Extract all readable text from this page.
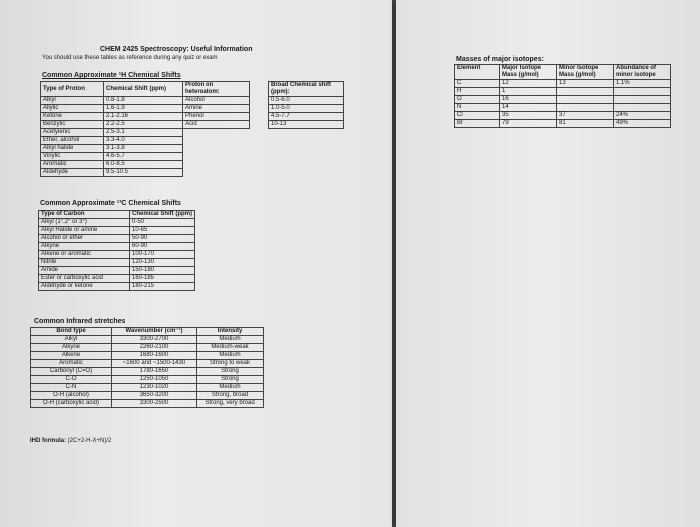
CHEM 2425 Spectroscopy: Useful Information
You should use these tables as reference during any quiz or exam
Common Approximate ¹H Chemical Shifts
Type of Proton	Chemical Shift (ppm)	Proton on heteroatom:		Broad Chemical shift (ppm):
Alkyl	0.8-1.8	Alcohol		0.5-6.0
Allylic	1.6-1.9	Amine		1.0-5.0
Ketone	2.1-2.16	Phenol		4.5-7.7
Benzylic	2.2-2.5	Acid		10-13
Acetylenic	2.5-3.1			
Ether, alcohol	3.3-4.0			
Alkyl halide	3.1-3.8			
Vinylic	4.6-5.7			
Aromatic	6.0-8.5			
Aldehyde	9.5-10.5			
Common Approximate ¹³C Chemical Shifts
Type of Carbon	Chemical Shift (ppm)
Alkyl (1°,2° or 3°)	0-50
Alkyl Halide or amine	10-65
Alcohol or ether	50-90
Alkyne	60-90
Alkene or aromatic	100-170
Nitrile	120-130
Amide	150-180
Ester or carboxylic acid	160-185
Aldehyde or ketone	180-215
Common Infrared stretches
Bond type	Wavenumber (cm⁻¹)	Intensity
Alkyl	3300-2700	Medium
Alkyne	2260-2100	Medium-weak
Alkene	1680-1600	Medium
Aromatic	~1600 and ~1500-1430	Strong to weak
Carbonyl (C=O)	1780-1650	Strong
C-O	1250-1050	Strong
C-N	1230-1020	Medium
O-H (alcohol)	3650-3200	Strong, broad
O-H (carboxylic acid)	3300-2500	Strong, very broad
IHD formula: (2C+2-H-X+N)/2
Masses of major isotopes:
Element	Major Isotope Mass (g/mol)	Minor Isotope Mass (g/mol)	Abundance of minor isotope
C	12	13	1.1%
H	1		
O	16		
N	14		
Cl	35	37	24%
Br	79	81	49%
